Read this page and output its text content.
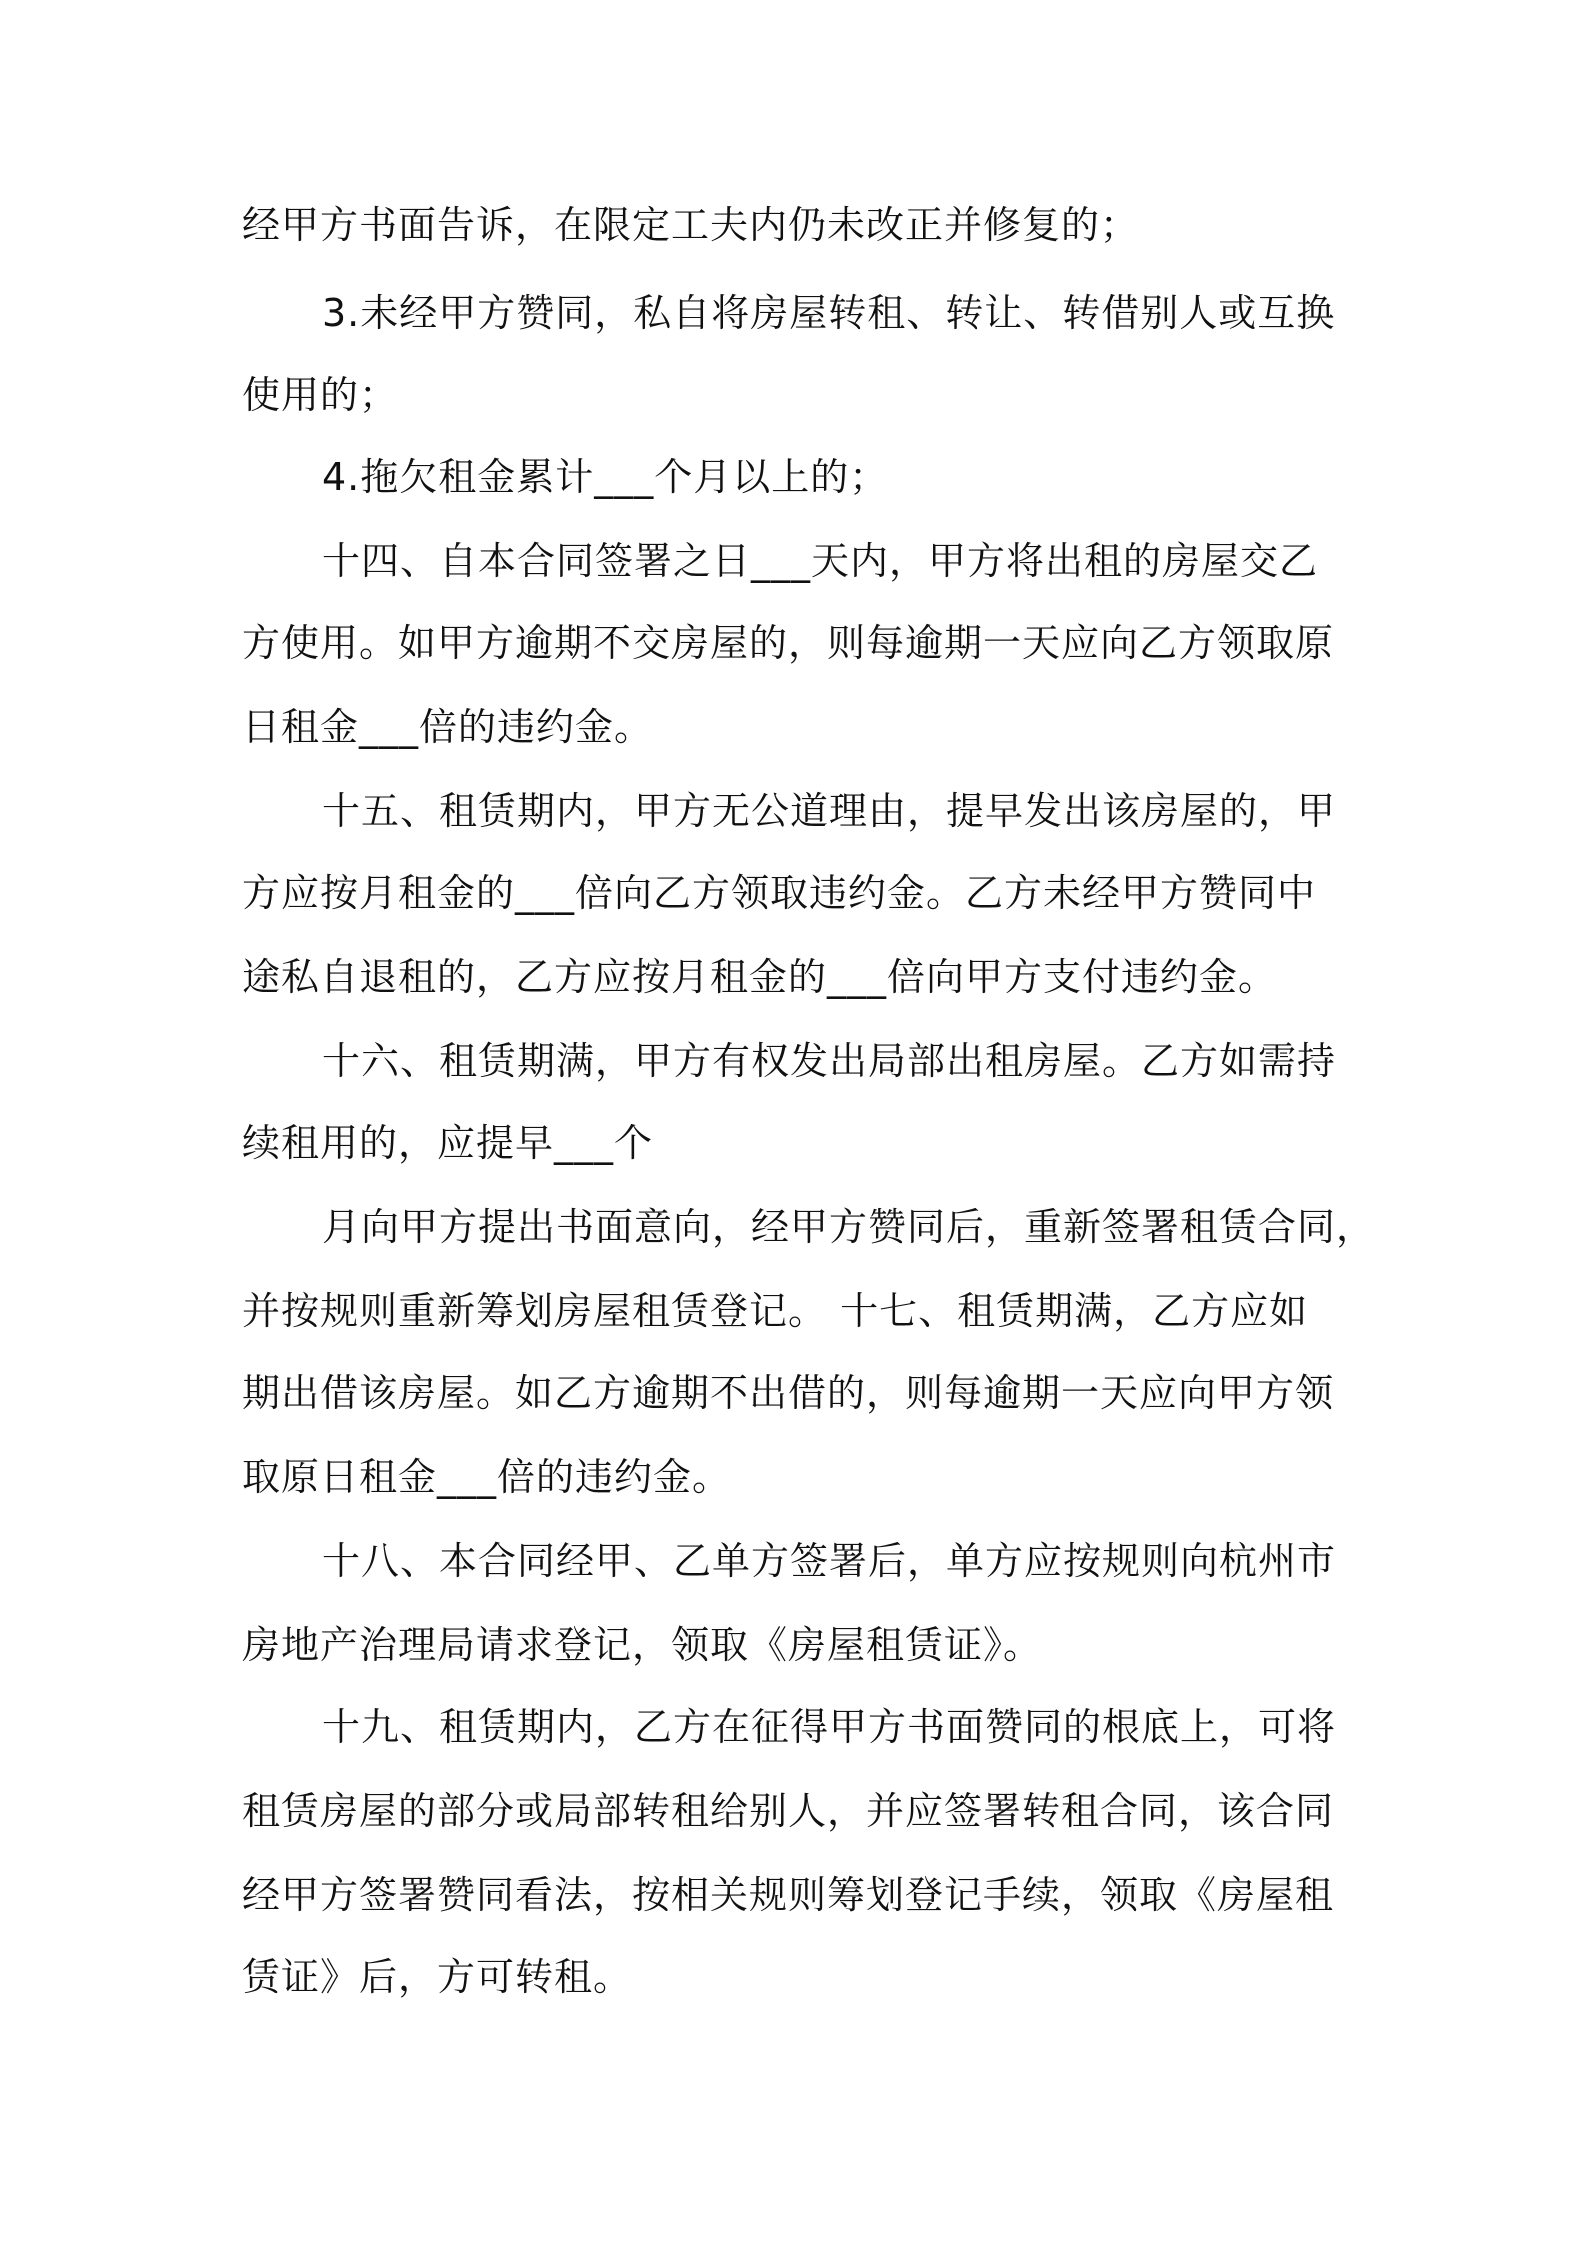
经甲方书面告诉，在限定工夫内仍未改正并修复的；
3.未经甲方赞同，私自将房屋转租、转让、转借别人或互换
使用的；
4.拖欠租金累计___个月以上的；
十四、自本合同签署之日___天内，甲方将出租的房屋交乙
方使用。如甲方逾期不交房屋的，则每逾期一天应向乙方领取原
日租金___倍的违约金。
十五、租赁期内，甲方无公道理由，提早发出该房屋的，甲
方应按月租金的___倍向乙方领取违约金。乙方未经甲方赞同中
途私自退租的，乙方应按月租金的___倍向甲方支付违约金。
十六、租赁期满，甲方有权发出局部出租房屋。乙方如需持
续租用的，应提早___个
月向甲方提出书面意向，经甲方赞同后，重新签署租赁合同，
并按规则重新筹划房屋租赁登记。 十七、租赁期满，乙方应如
期出借该房屋。如乙方逾期不出借的，则每逾期一天应向甲方领
取原日租金___倍的违约金。
十八、本合同经甲、乙单方签署后，单方应按规则向杭州市
房地产治理局请求登记，领取《房屋租赁证》。
十九、租赁期内，乙方在征得甲方书面赞同的根底上，可将
租赁房屋的部分或局部转租给别人，并应签署转租合同，该合同
经甲方签署赞同看法，按相关规则筹划登记手续，领取《房屋租
赁证》后，方可转租。
